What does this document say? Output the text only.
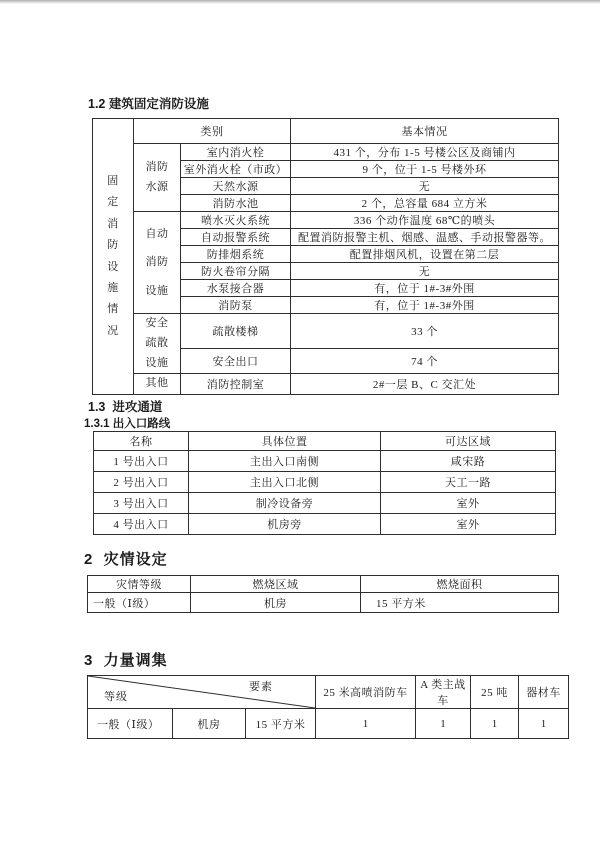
1.2 建筑固定消防设施
固定消防设施情况	类别		基本情况
	消防水源	室内消火栓	431 个，分布 1-5 号楼公区及商铺内
		室外消火栓（市政）	9 个，位于 1-5 号楼外环
		天然水源	无
		消防水池	2 个，总容量 684 立方米
	自动消防设施	喷水灭火系统	336 个动作温度 68℃的喷头
		自动报警系统	配置消防报警主机、烟感、温感、手动报警器等。
		防排烟系统	配置排烟风机，设置在第二层
		防火卷帘分隔	无
		水泵接合器	有，位于 1#-3#外围
		消防泵	有，位于 1#-3#外围
	安全疏散设施	疏散楼梯	33 个
		安全出口	74 个
	其他	消防控制室	2#一层 B、C 交汇处
1.3  进攻通道
1.3.1 出入口路线
名称	具体位置	可达区域
1 号出入口	主出入口南侧	咸宋路
2 号出入口	主出入口北侧	天工一路
3 号出入口	制冷设备旁	室外
4 号出入口	机房旁	室外
2  灾情设定
灾情等级	燃烧区域	燃烧面积
一般（Ⅰ级）	机房	15 平方米
3  力量调集
要素
等级			25 米高喷消防车	A 类主战车	25 吨	器材车
一般（Ⅰ级）	机房	15 平方米	1	1	1	1
